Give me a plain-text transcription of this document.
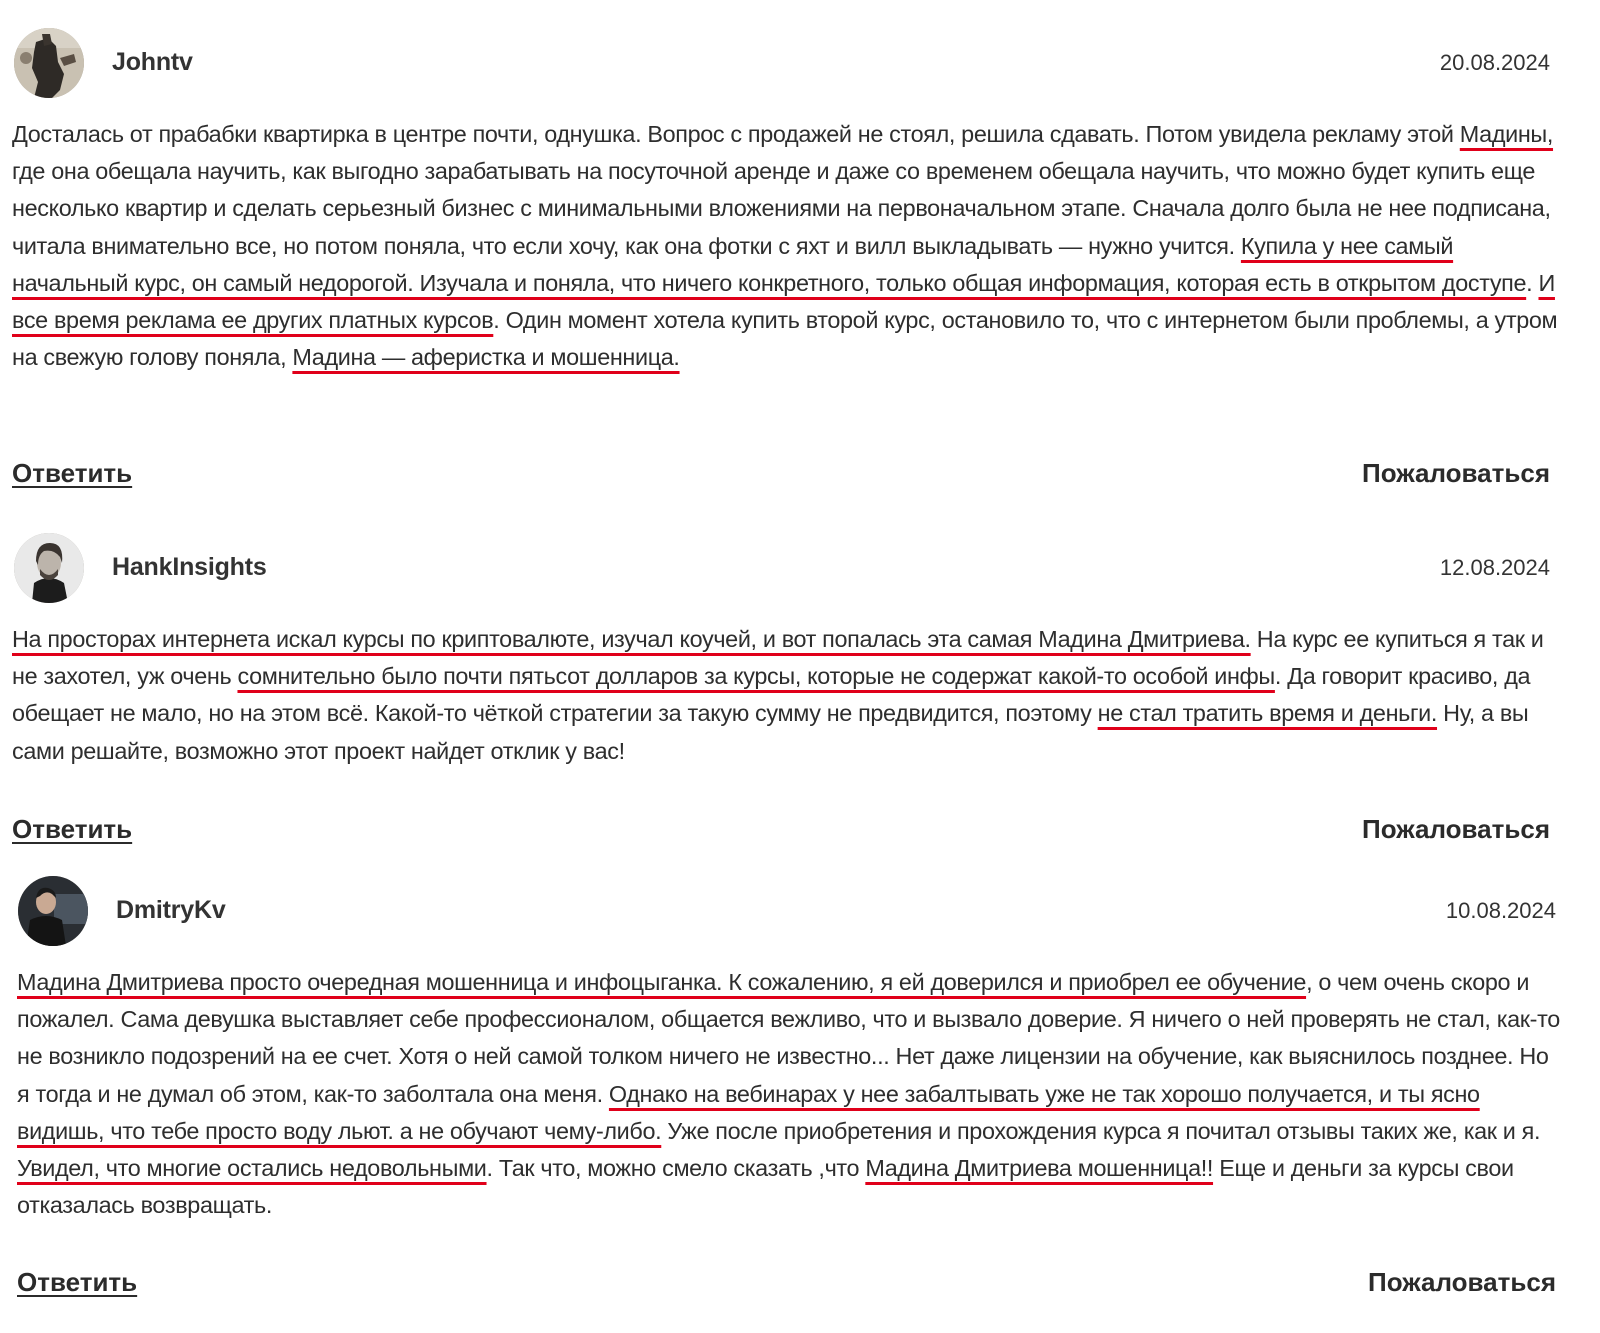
Johntv	20.08.2024

Досталась от прабабки квартирка в центре почти, однушка. Вопрос с продажей не стоял, решила сдавать. Потом увидела рекламу этой Мадины, где она обещала научить, как выгодно зарабатывать на посуточной аренде и даже со временем обещала научить, что можно будет купить еще несколько квартир и сделать серьезный бизнес с минимальными вложениями на первоначальном этапе. Сначала долго была не нее подписана, читала внимательно все, но потом поняла, что если хочу, как она фотки с яхт и вилл выкладывать — нужно учится. Купила у нее самый начальный курс, он самый недорогой. Изучала и поняла, что ничего конкретного, только общая информация, которая есть в открытом доступе. И все время реклама ее других платных курсов. Один момент хотела купить второй курс, остановило то, что с интернетом были проблемы, а утром на свежую голову поняла, Мадина — аферистка и мошенница.

Ответить	Пожаловаться
HankInsights	12.08.2024

На просторах интернета искал курсы по криптовалюте, изучал коучей, и вот попалась эта самая Мадина Дмитриева. На курс ее купиться я так и не захотел, уж очень сомнительно было почти пятьсот долларов за курсы, которые не содержат какой-то особой инфы. Да говорит красиво, да обещает не мало, но на этом всё. Какой-то чёткой стратегии за такую сумму не предвидится, поэтому не стал тратить время и деньги. Ну, а вы сами решайте, возможно этот проект найдет отклик у вас!

Ответить	Пожаловаться
DmitryKv	10.08.2024

Мадина Дмитриева просто очередная мошенница и инфоцыганка. К сожалению, я ей доверился и приобрел ее обучение, о чем очень скоро и пожалел. Сама девушка выставляет себе профессионалом, общается вежливо, что и вызвало доверие. Я ничего о ней проверять не стал, как-то не возникло подозрений на ее счет. Хотя о ней самой толком ничего не известно... Нет даже лицензии на обучение, как выяснилось позднее. Но я тогда и не думал об этом, как-то заболтала она меня. Однако на вебинарах у нее забалтывать уже не так хорошо получается, и ты ясно видишь, что тебе просто воду льют. а не обучают чему-либо. Уже после приобретения и прохождения курса я почитал отзывы таких же, как и я. Увидел, что многие остались недовольными. Так что, можно смело сказать ,что Мадина Дмитриева мошенница!! Еще и деньги за курсы свои отказалась возвращать.

Ответить	Пожаловаться
